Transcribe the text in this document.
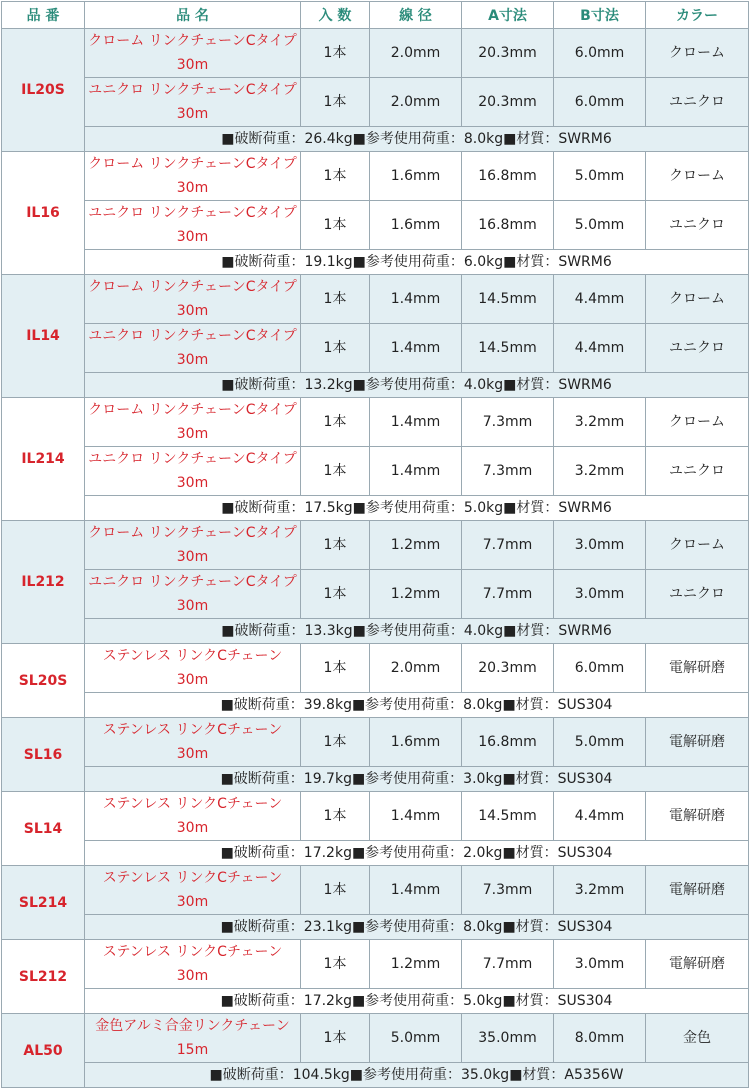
品 番	品 名	入 数	線 径	A寸法	B寸法	カラー
IL20S	クローム リンクチェーンCタイプ 30m	1本	2.0mm	20.3mm	6.0mm	クローム
	ユニクロ リンクチェーンCタイプ 30m	1本	2.0mm	20.3mm	6.0mm	ユニクロ
	■破断荷重：26.4kg■参考使用荷重：8.0kg■材質：SWRM6					
IL16	クローム リンクチェーンCタイプ 30m	1本	1.6mm	16.8mm	5.0mm	クローム
	ユニクロ リンクチェーンCタイプ 30m	1本	1.6mm	16.8mm	5.0mm	ユニクロ
	■破断荷重：19.1kg■参考使用荷重：6.0kg■材質：SWRM6					
IL14	クローム リンクチェーンCタイプ 30m	1本	1.4mm	14.5mm	4.4mm	クローム
	ユニクロ リンクチェーンCタイプ 30m	1本	1.4mm	14.5mm	4.4mm	ユニクロ
	■破断荷重：13.2kg■参考使用荷重：4.0kg■材質：SWRM6					
IL214	クローム リンクチェーンCタイプ 30m	1本	1.4mm	7.3mm	3.2mm	クローム
	ユニクロ リンクチェーンCタイプ 30m	1本	1.4mm	7.3mm	3.2mm	ユニクロ
	■破断荷重：17.5kg■参考使用荷重：5.0kg■材質：SWRM6					
IL212	クローム リンクチェーンCタイプ 30m	1本	1.2mm	7.7mm	3.0mm	クローム
	ユニクロ リンクチェーンCタイプ 30m	1本	1.2mm	7.7mm	3.0mm	ユニクロ
	■破断荷重：13.3kg■参考使用荷重：4.0kg■材質：SWRM6					
SL20S	ステンレス リンクCチェーン 30m	1本	2.0mm	20.3mm	6.0mm	電解研磨
	■破断荷重：39.8kg■参考使用荷重：8.0kg■材質：SUS304					
SL16	ステンレス リンクCチェーン 30m	1本	1.6mm	16.8mm	5.0mm	電解研磨
	■破断荷重：19.7kg■参考使用荷重：3.0kg■材質：SUS304					
SL14	ステンレス リンクCチェーン 30m	1本	1.4mm	14.5mm	4.4mm	電解研磨
	■破断荷重：17.2kg■参考使用荷重：2.0kg■材質：SUS304					
SL214	ステンレス リンクCチェーン 30m	1本	1.4mm	7.3mm	3.2mm	電解研磨
	■破断荷重：23.1kg■参考使用荷重：8.0kg■材質：SUS304					
SL212	ステンレス リンクCチェーン 30m	1本	1.2mm	7.7mm	3.0mm	電解研磨
	■破断荷重：17.2kg■参考使用荷重：5.0kg■材質：SUS304					
AL50	金色アルミ合金リンクチェーン 15m	1本	5.0mm	35.0mm	8.0mm	金色
	■破断荷重：104.5kg■参考使用荷重：35.0kg■材質：A5356W					
